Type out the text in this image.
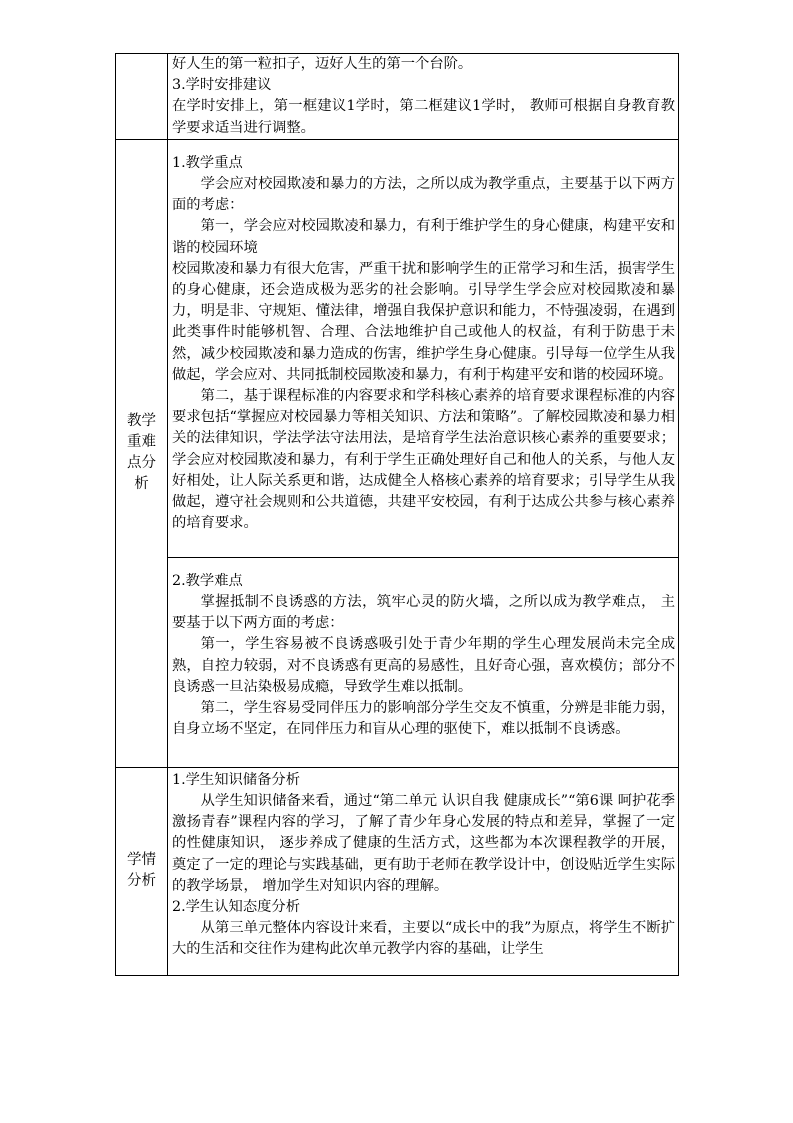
	好人生的第一粒扣子，迈好人生的第一个台阶。

3.学时安排建议

在学时安排上，第一框建议1学时，第二框建议1学时， 教师可根据自身教育教学要求适当进行调整。

教学重难点分析	1.教学重点

学会应对校园欺凌和暴力的方法，之所以成为教学重点，主要基于以下两方面的考虑：

第一，学会应对校园欺凌和暴力，有利于维护学生的身心健康，构建平安和谐的校园环境

校园欺凌和暴力有很大危害，严重干扰和影响学生的正常学习和生活，损害学生的身心健康，还会造成极为恶劣的社会影响。引导学生学会应对校园欺凌和暴力，明是非、守规矩、懂法律，增强自我保护意识和能力，不恃强凌弱，在遇到此类事件时能够机智、合理、合法地维护自己或他人的权益，有利于防患于未然，减少校园欺凌和暴力造成的伤害，维护学生身心健康。引导每一位学生从我做起，学会应对、共同抵制校园欺凌和暴力，有利于构建平安和谐的校园环境。

第二，基于课程标准的内容要求和学科核心素养的培育要求课程标准的内容要求包括“掌握应对校园暴力等相关知识、方法和策略”。了解校园欺凌和暴力相关的法律知识，学法学法守法用法，是培育学生法治意识核心素养的重要要求；学会应对校园欺凌和暴力，有利于学生正确处理好自己和他人的关系，与他人友好相处，让人际关系更和谐，达成健全人格核心素养的培育要求；引导学生从我做起，遵守社会规则和公共道德，共建平安校园，有利于达成公共参与核心素养的培育要求。

	2.教学难点

掌握抵制不良诱惑的方法，筑牢心灵的防火墙，之所以成为教学难点， 主要基于以下两方面的考虑：

第一，学生容易被不良诱惑吸引处于青少年期的学生心理发展尚未完全成熟，自控力较弱，对不良诱惑有更高的易感性，且好奇心强，喜欢模仿；部分不良诱惑一旦沾染极易成瘾，导致学生难以抵制。

第二，学生容易受同伴压力的影响部分学生交友不慎重，分辨是非能力弱，自身立场不坚定，在同伴压力和盲从心理的驱使下，难以抵制不良诱惑。

学情分析	1.学生知识储备分析

从学生知识储备来看，通过“第二单元 认识自我 健康成长”“第6课 呵护花季 激扬青春”课程内容的学习，了解了青少年身心发展的特点和差异，掌握了一定的性健康知识， 逐步养成了健康的生活方式，这些都为本次课程教学的开展，奠定了一定的理论与实践基础，更有助于老师在教学设计中，创设贴近学生实际的教学场景， 增加学生对知识内容的理解。

2.学生认知态度分析

从第三单元整体内容设计来看，主要以“成长中的我”为原点，将学生不断扩大的生活和交往作为建构此次单元教学内容的基础，让学生
